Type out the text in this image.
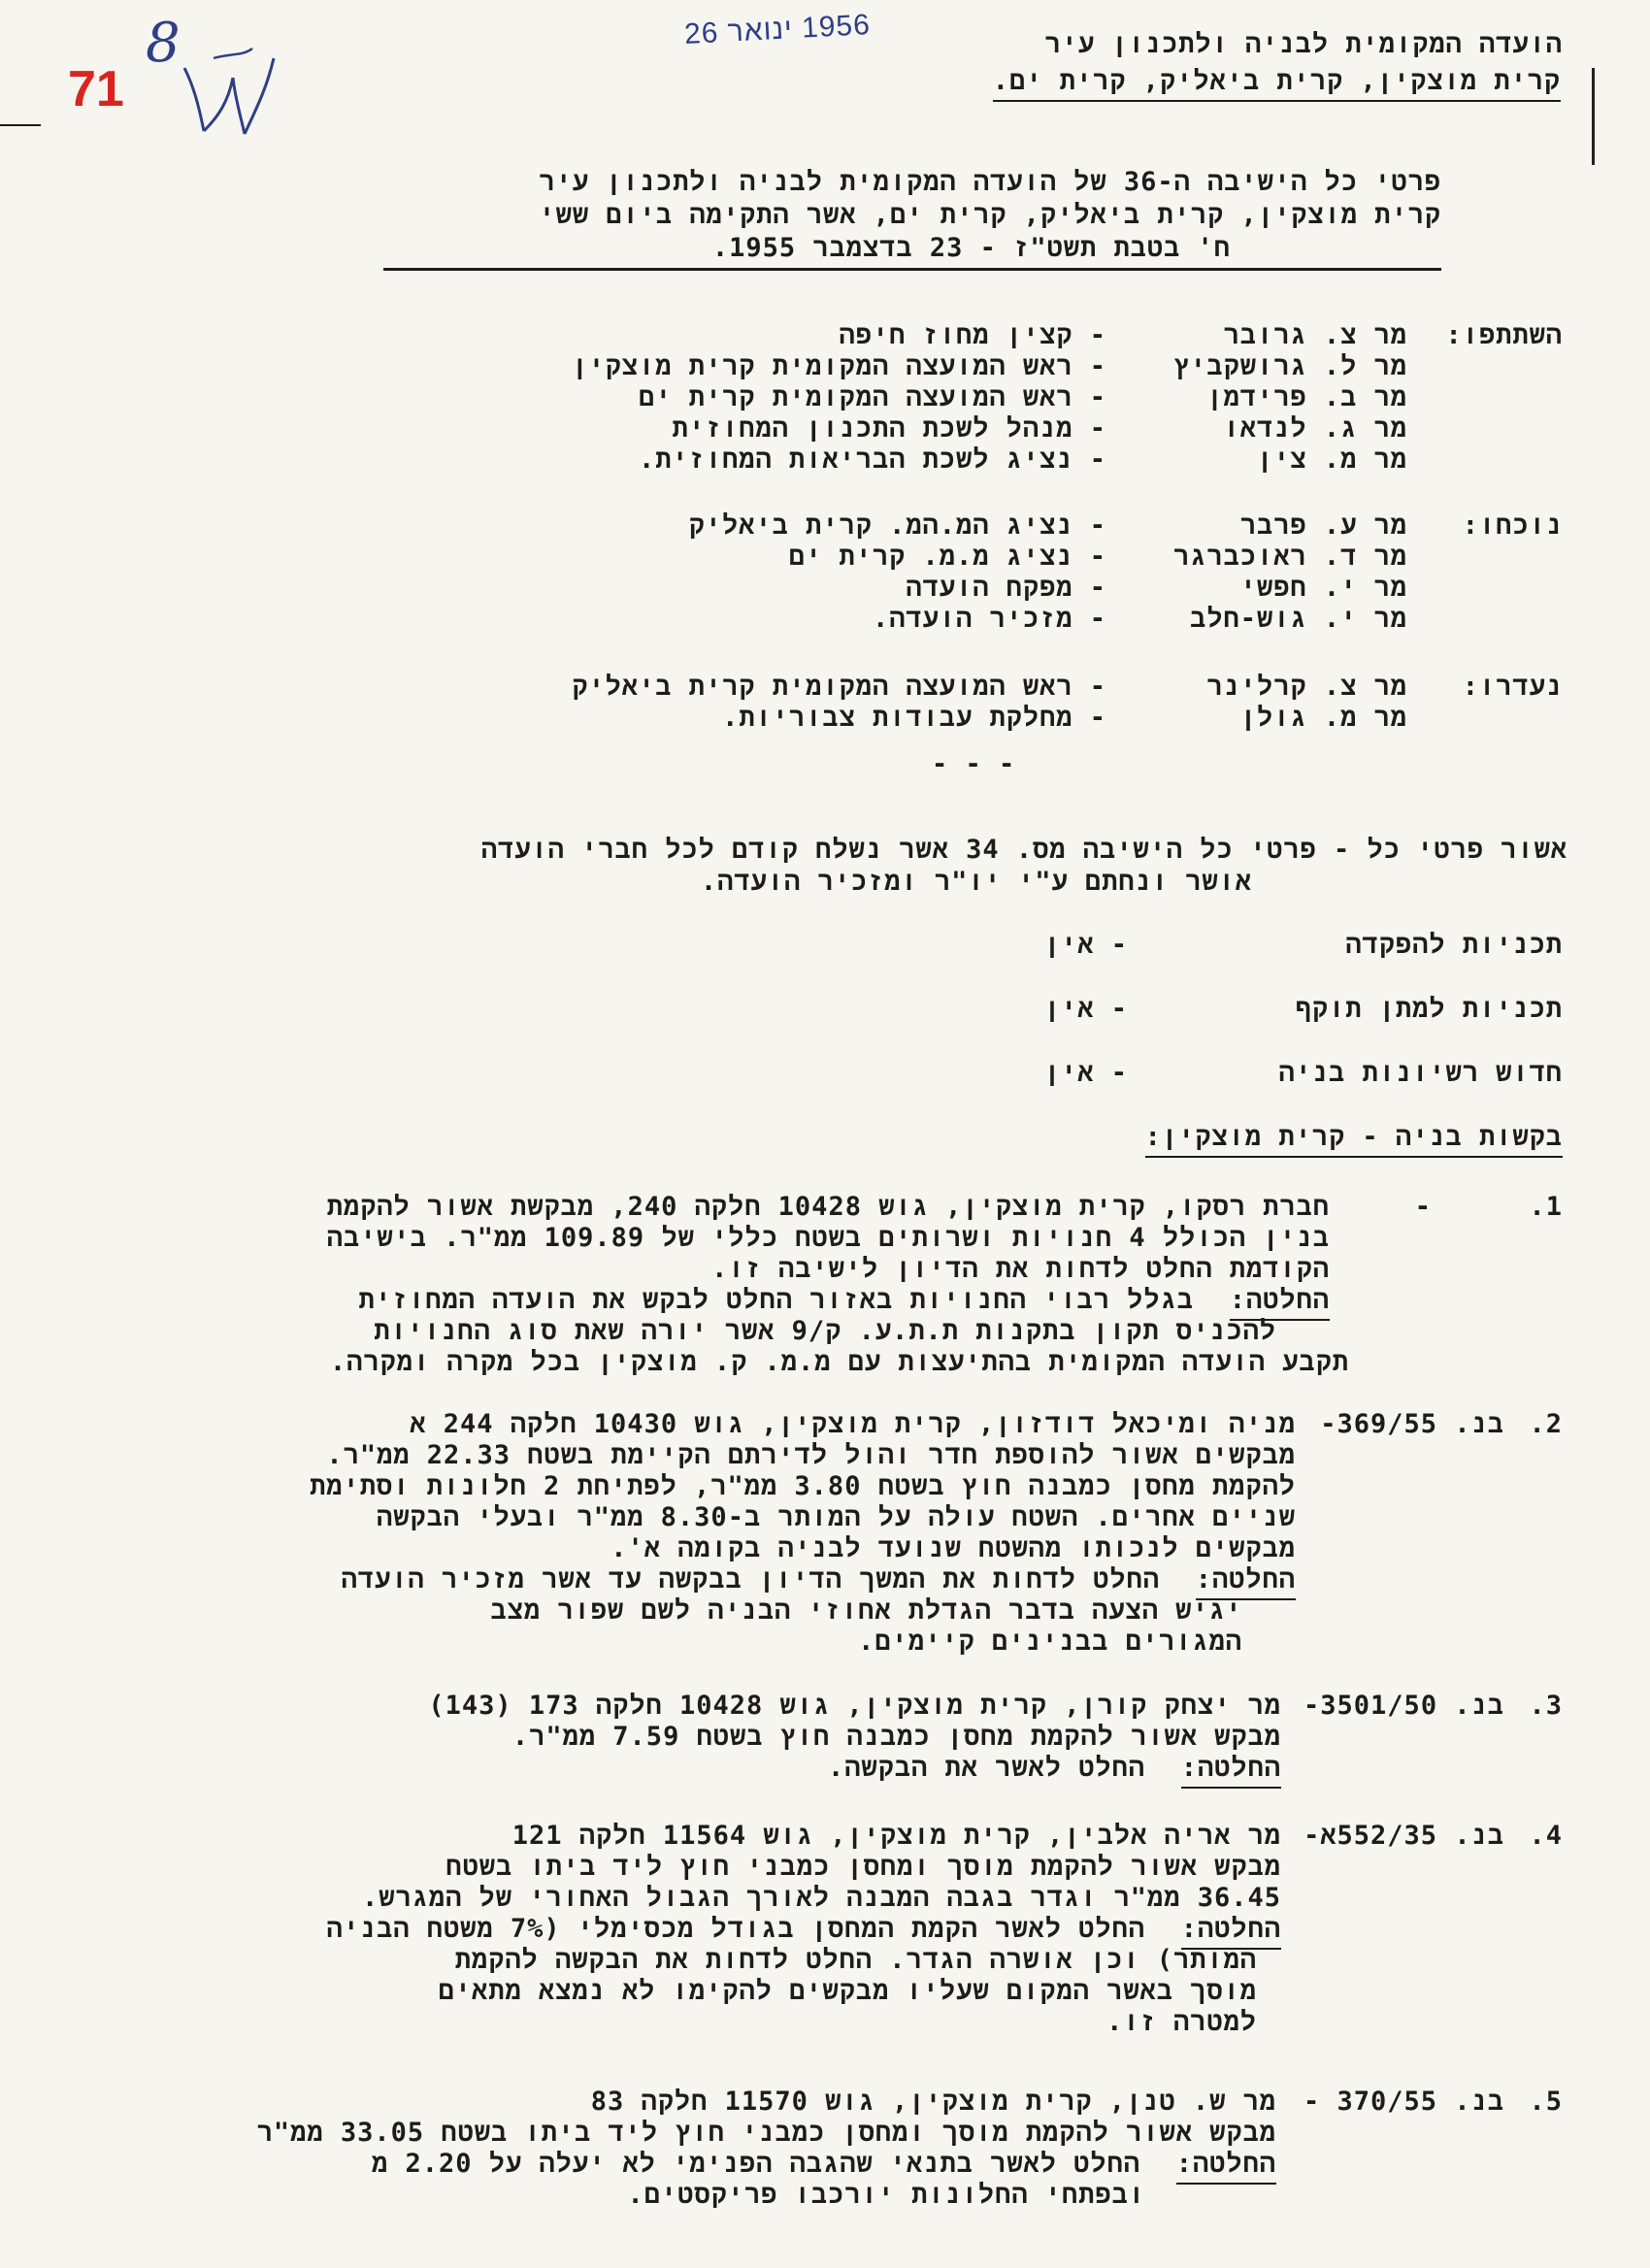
71
8	1956 ינואר 26	הועדה המקומית לבניה ולתכנון עיר
קרית מוצקין, קרית ביאליק, קרית ים.
פרטי כל הישיבה ה-36 של הועדה המקומית לבניה ולתכנון עיר
קרית מוצקין, קרית ביאליק, קרית ים, אשר התקימה ביום ששי
ח' בטבת תשט"ז - 23 בדצמבר 1955.
השתתפו:
מר צ. גרובר
- קצין מחוז חיפה
מר ל. גרושקביץ
- ראש המועצה המקומית קרית מוצקין
מר ב. פרידמן
- ראש המועצה המקומית קרית ים
מר ג. לנדאו
- מנהל לשכת התכנון המחוזית
מר מ. צין
- נציג לשכת הבריאות המחוזית.
נוכחו:
מר ע. פרבר
- נציג המ.המ. קרית ביאליק
מר ד. ראוכברגר
- נציג מ.מ. קרית ים
מר י. חפשי
- מפקח הועדה
מר י. גוש-חלב
- מזכיר הועדה.
נעדרו:
מר צ. קרלינר
- ראש המועצה המקומית קרית ביאליק
מר מ. גולן
- מחלקת עבודות צבוריות.
- - -
אשור פרטי כל - פרטי כל הישיבה מס. 34 אשר נשלח קודם לכל חברי הועדה
אושר ונחתם ע"י יו"ר ומזכיר הועדה.
תכניות להפקדה
- אין
תכניות למתן תוקף
- אין
חדוש רשיונות בניה
- אין
בקשות בניה - קרית מוצקין:
.1
-
חברת רסקו, קרית מוצקין, גוש 10428 חלקה 240, מבקשת אשור להקמת
בנין הכולל 4 חנויות ושרותים בשטח כללי של 109.89 ממ"ר. בישיבה
הקודמת החלט לדחות את הדיון לישיבה זו.
החלטה:
בגלל רבוי החנויות באזור החלט לבקש את הועדה המחוזית
להכניס תקון בתקנות ת.ת.ע. ק/9 אשר יורה שאת סוג החנויות
תקבע הועדה המקומית בהתיעצות עם מ.מ. ק. מוצקין בכל מקרה ומקרה.
.2
בנ. 369/55-
מניה ומיכאל דודזון, קרית מוצקין, גוש 10430 חלקה 244 א
מבקשים אשור להוספת חדר והול לדירתם הקיימת בשטח 22.33 ממ"ר.
להקמת מחסן כמבנה חוץ בשטח 3.80 ממ"ר, לפתיחת 2 חלונות וסתימת
שניים אחרים. השטח עולה על המותר ב-8.30 ממ"ר ובעלי הבקשה
מבקשים לנכותו מהשטח שנועד לבניה בקומה א'.
החלטה:
החלט לדחות את המשך הדיון בבקשה עד אשר מזכיר הועדה
יגיש הצעה בדבר הגדלת אחוזי הבניה לשם שפור מצב
המגורים בבנינים קיימים.
.3
בנ. 3501/50-
מר יצחק קורן, קרית מוצקין, גוש 10428 חלקה 173 (143)
מבקש אשור להקמת מחסן כמבנה חוץ בשטח 7.59 ממ"ר.
החלטה:
החלט לאשר את הבקשה.
.4
בנ. 552/35א-
מר אריה אלבין, קרית מוצקין, גוש 11564 חלקה 121
מבקש אשור להקמת מוסך ומחסן כמבני חוץ ליד ביתו בשטח
36.45 ממ"ר וגדר בגבה המבנה לאורך הגבול האחורי של המגרש.
החלטה:
החלט לאשר הקמת המחסן בגודל מכסימלי (7% משטח הבניה
המותר) וכן אושרה הגדר. החלט לדחות את הבקשה להקמת
מוסך באשר המקום שעליו מבקשים להקימו לא נמצא מתאים
למטרה זו.
.5
בנ. 370/55 -
מר ש. טנן, קרית מוצקין, גוש 11570 חלקה 83
מבקש אשור להקמת מוסך ומחסן כמבני חוץ ליד ביתו בשטח 33.05 ממ"ר
החלטה:
החלט לאשר בתנאי שהגבה הפנימי לא יעלה על 2.20 מ
ובפתחי החלונות יורכבו פריקסטים.
